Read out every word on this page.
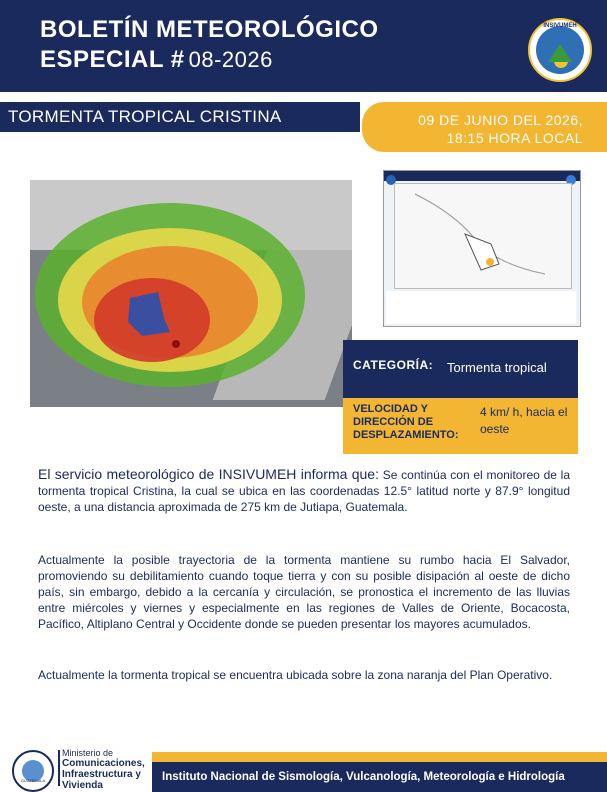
BOLETÍN METEOROLÓGICO
ESPECIAL # 08-2026
INSIVUMEH
TORMENTA TROPICAL CRISTINA	09 DE JUNIO DEL 2026,
18:15 HORA LOCAL
CATEGORÍA: Tormenta tropical
VELOCIDAD Y DIRECCIÓN DE DESPLAZAMIENTO:
4 km/ h, hacia el oeste
El servicio meteorológico de INSIVUMEH informa que: Se continúa con el monitoreo de la tormenta tropical Cristina, la cual se ubica en las coordenadas 12.5° latitud norte y 87.9° longitud oeste, a una distancia aproximada de 275 km de Jutiapa, Guatemala.
Actualmente la posible trayectoria de la tormenta mantiene su rumbo hacia El Salvador, promoviendo su debilitamiento cuando toque tierra y con su posible disipación al oeste de dicho país, sin embargo, debido a la cercanía y circulación, se pronostica el incremento de las lluvias entre miércoles y viernes y especialmente en las regiones de Valles de Oriente, Bocacosta, Pacífico, Altiplano Central y Occidente donde se pueden presentar los mayores acumulados.
Actualmente la tormenta tropical se encuentra ubicada sobre la zona naranja del Plan Operativo.
GUATEMALA
Ministerio de
Comunicaciones,
Infraestructura y
Vivienda
Instituto Nacional de Sismología, Vulcanología, Meteorología e Hidrología
